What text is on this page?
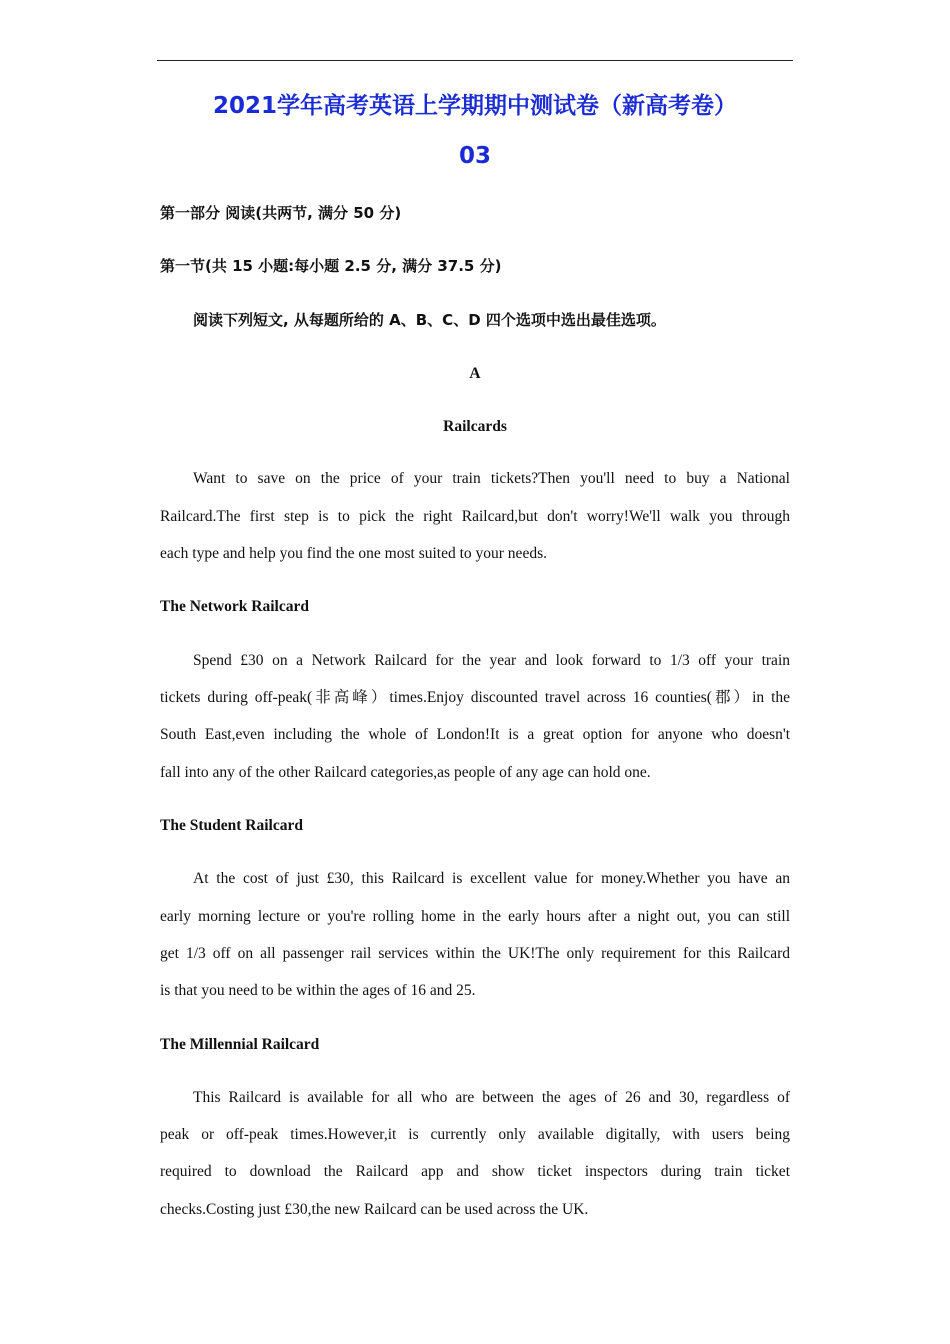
2021学年高考英语上学期期中测试卷（新高考卷）
03
第一部分 阅读(共两节, 满分 50 分)
第一节(共 15 小题:每小题 2.5 分, 满分 37.5 分)
阅读下列短文, 从每题所给的 A、B、C、D 四个选项中选出最佳选项。
A
Railcards
Want to save on the price of your train tickets?Then you'll need to buy a National
Railcard.The first step is to pick the right Railcard,but don't worry!We'll walk you through
each type and help you find the one most suited to your needs.
The Network Railcard
Spend £30 on a Network Railcard for the year and look forward to 1/3 off your train
tickets during off-peak(非高峰）times.Enjoy discounted travel across 16 counties(郡）in the
South East,even including the whole of London!It is a great option for anyone who doesn't
fall into any of the other Railcard categories,as people of any age can hold one.
The Student Railcard
At the cost of just £30, this Railcard is excellent value for money.Whether you have an
early morning lecture or you're rolling home in the early hours after a night out, you can still
get 1/3 off on all passenger rail services within the UK!The only requirement for this Railcard
is that you need to be within the ages of 16 and 25.
The Millennial Railcard
This Railcard is available for all who are between the ages of 26 and 30, regardless of
peak or off-peak times.However,it is currently only available digitally, with users being
required to download the Railcard app and show ticket inspectors during train ticket
checks.Costing just £30,the new Railcard can be used across the UK.
